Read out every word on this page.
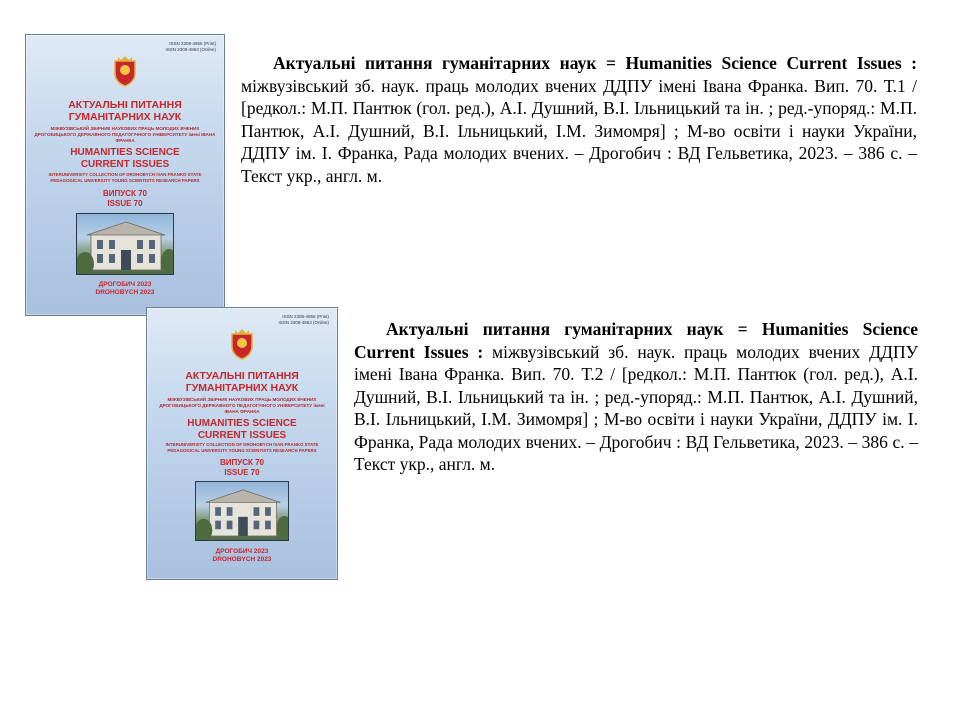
ISSN 2308-4855 (Print)
ISSN 2308-4863 (Online)
АКТУАЛЬНІ ПИТАННЯ ГУМАНІТАРНИХ НАУК
МІЖВУЗІВСЬКИЙ ЗБІРНИК НАУКОВИХ ПРАЦЬ МОЛОДИХ ВЧЕНИХ ДРОГОБИЦЬКОГО ДЕРЖАВНОГО ПЕДАГОГІЧНОГО УНІВЕРСИТЕТУ імені ІВАНА ФРАНКА
HUMANITIES SCIENCE CURRENT ISSUES
INTERUNIVERSITY COLLECTION OF DROHOBYCH IVAN FRANKO STATE PEDAGOGICAL UNIVERSITY YOUNG SCIENTISTS RESEARCH PAPERS
ВИПУСК 70
ISSUE 70
ДРОГОБИЧ 2023
DROHOBYCH 2023

Актуальні питання гуманітарних наук = Humanities Science Current Issues : міжвузівський зб. наук. праць молодих вчених ДДПУ імені Івана Франка. Вип. 70. Т.1 / [редкол.: М.П. Пантюк (гол. ред.), А.І. Душний, В.І. Ільницький та ін. ; ред.-упоряд.: М.П. Пантюк, А.І. Душний, В.І. Ільницький, І.М. Зимомря] ; М-во освіти і науки України, ДДПУ ім. І. Франка, Рада молодих вчених. – Дрогобич : ВД Гельветика, 2023. – 386 с. – Текст укр., англ. м.

ISSN 2308-4855 (Print)
ISSN 2308-4863 (Online)
АКТУАЛЬНІ ПИТАННЯ ГУМАНІТАРНИХ НАУК
МІЖВУЗІВСЬКИЙ ЗБІРНИК НАУКОВИХ ПРАЦЬ МОЛОДИХ ВЧЕНИХ ДРОГОБИЦЬКОГО ДЕРЖАВНОГО ПЕДАГОГІЧНОГО УНІВЕРСИТЕТУ імені ІВАНА ФРАНКА
HUMANITIES SCIENCE CURRENT ISSUES
INTERUNIVERSITY COLLECTION OF DROHOBYCH IVAN FRANKO STATE PEDAGOGICAL UNIVERSITY YOUNG SCIENTISTS RESEARCH PAPERS
ВИПУСК 70
ISSUE 70
ДРОГОБИЧ 2023
DROHOBYCH 2023

Актуальні питання гуманітарних наук = Humanities Science Current Issues : міжвузівський зб. наук. праць молодих вчених ДДПУ імені Івана Франка. Вип. 70. Т.2 / [редкол.: М.П. Пантюк (гол. ред.), А.І. Душний, В.І. Ільницький та ін. ; ред.-упоряд.: М.П. Пантюк, А.І. Душний, В.І. Ільницький, І.М. Зимомря] ; М-во освіти і науки України, ДДПУ ім. І. Франка, Рада молодих вчених. – Дрогобич : ВД Гельветика, 2023. – 386 с. – Текст укр., англ. м.
